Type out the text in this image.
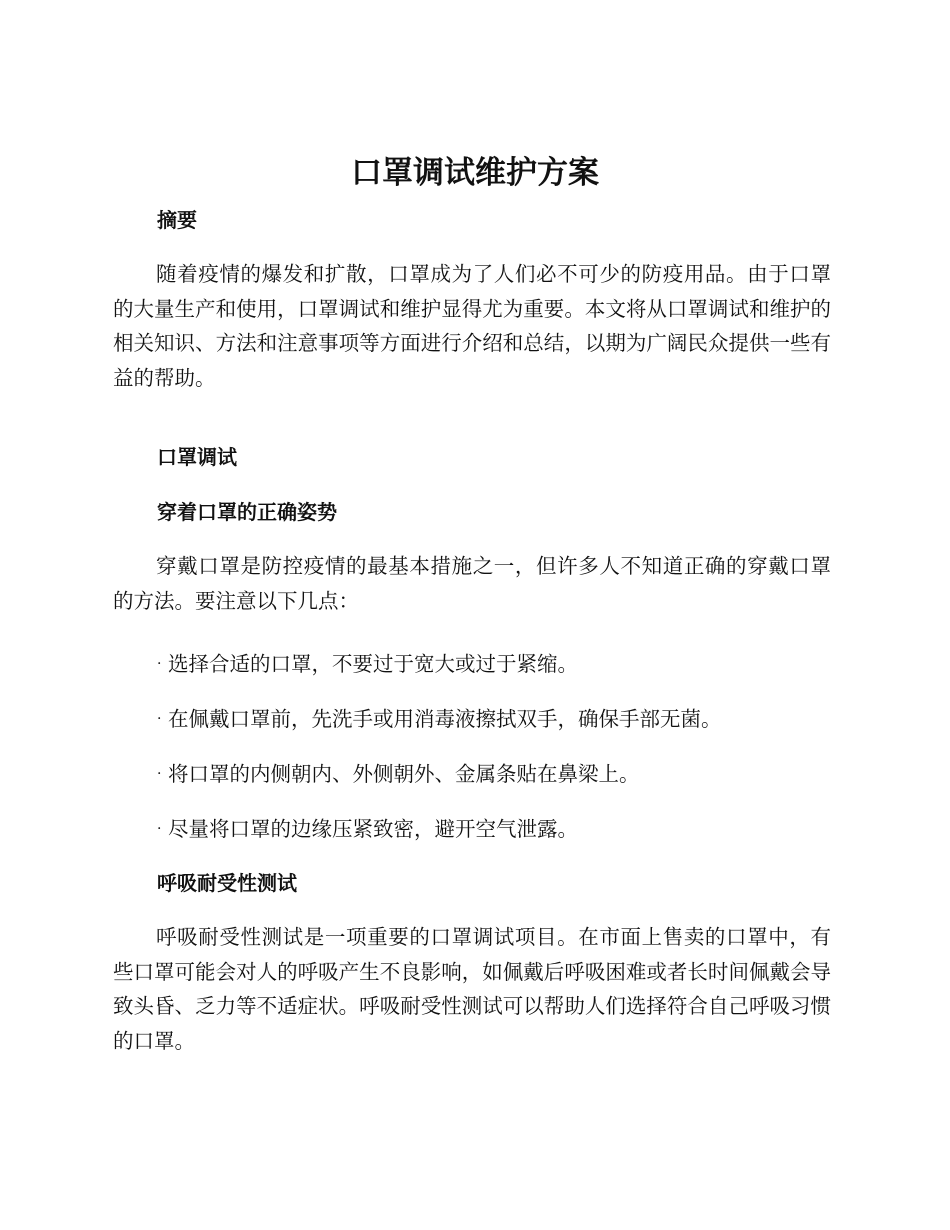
口罩调试维护方案
摘要
随着疫情的爆发和扩散，口罩成为了人们必不可少的防疫用品。由于口罩的大量生产和使用，口罩调试和维护显得尤为重要。本文将从口罩调试和维护的相关知识、方法和注意事项等方面进行介绍和总结，以期为广阔民众提供一些有益的帮助。
口罩调试
穿着口罩的正确姿势
穿戴口罩是防控疫情的最基本措施之一，但许多人不知道正确的穿戴口罩的方法。要注意以下几点：
· 选择合适的口罩，不要过于宽大或过于紧缩。
· 在佩戴口罩前，先洗手或用消毒液擦拭双手，确保手部无菌。
· 将口罩的内侧朝内、外侧朝外、金属条贴在鼻梁上。
· 尽量将口罩的边缘压紧致密，避开空气泄露。
呼吸耐受性测试
呼吸耐受性测试是一项重要的口罩调试项目。在市面上售卖的口罩中，有些口罩可能会对人的呼吸产生不良影响，如佩戴后呼吸困难或者长时间佩戴会导致头昏、乏力等不适症状。呼吸耐受性测试可以帮助人们选择符合自己呼吸习惯的口罩。
